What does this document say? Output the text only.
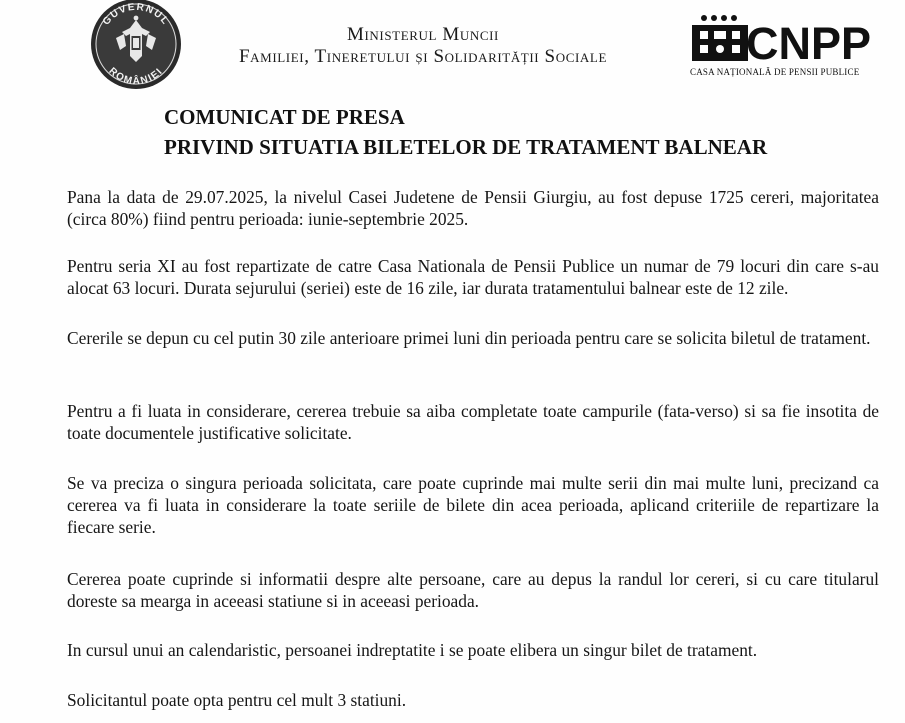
GUVERNUL
ROMÂNIEI
Ministerul Muncii
Familiei, Tineretului și Solidarității Sociale	CNPP
CASA NAȚIONALĂ DE PENSII PUBLICE
COMUNICAT DE PRESA
PRIVIND SITUATIA BILETELOR DE TRATAMENT BALNEAR

Pana la data de 29.07.2025, la nivelul Casei Judetene de Pensii Giurgiu, au fost depuse 1725 cereri, majoritatea (circa 80%) fiind pentru perioada: iunie-septembrie 2025.

Pentru seria XI au fost repartizate de catre Casa Nationala de Pensii Publice un numar de 79 locuri din care s-au alocat 63 locuri. Durata sejurului (seriei) este de 16 zile, iar durata tratamentului balnear este de 12 zile.

Cererile se depun cu cel putin 30 zile anterioare primei luni din perioada pentru care se solicita biletul de tratament.

Pentru a fi luata in considerare, cererea trebuie sa aiba completate toate campurile (fata-verso) si sa fie insotita de toate documentele justificative solicitate.

Se va preciza o singura perioada solicitata, care poate cuprinde mai multe serii din mai multe luni, precizand ca cererea va fi luata in considerare la toate seriile de bilete din acea perioada, aplicand criteriile de repartizare la fiecare serie.

Cererea poate cuprinde si informatii despre alte persoane, care au depus la randul lor cereri, si cu care titularul doreste sa mearga in aceeasi statiune si in aceeasi perioada.

In cursul unui an calendaristic, persoanei indreptatite i se poate elibera un singur bilet de tratament.

Solicitantul poate opta pentru cel mult 3 statiuni.
